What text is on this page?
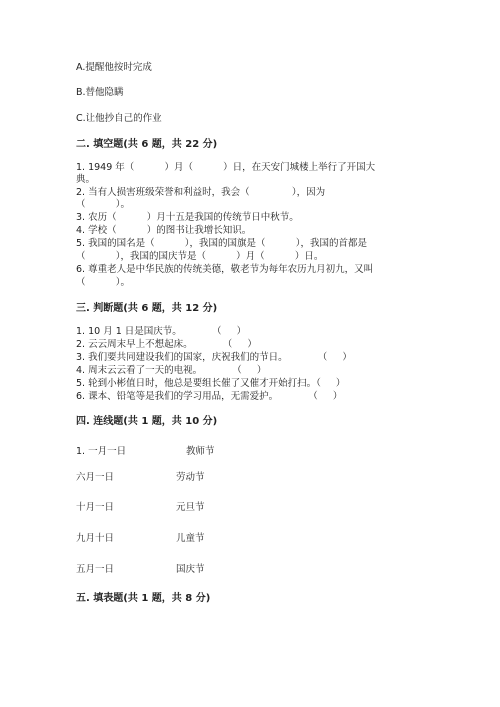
A.提醒他按时完成
B.替他隐瞒
C.让他抄自己的作业
二. 填空题(共 6 题，共 22 分)
1. 1949 年（          ）月（          ）日，在天安门城楼上举行了开国大
典。
2. 当有人损害班级荣誉和利益时，我会（              ），因为
（          ）。
3. 农历（          ）月十五是我国的传统节日中秋节。
4. 学校（          ）的图书让我增长知识。
5. 我国的国名是（          ），我国的国旗是（          ），我国的首都是
（          ），我国的国庆节是（          ）月（          ）日。
6. 尊重老人是中华民族的传统美德，敬老节为每年农历九月初九，又叫
（          ）。
三. 判断题(共 6 题，共 12 分)
1. 10 月 1 日是国庆节。          （     ）
2. 云云周末早上不想起床。          （     ）
3. 我们要共同建设我们的国家，庆祝我们的节日。          （     ）
4. 周末云云看了一天的电视。          （     ）
5. 轮到小彬值日时，他总是要组长催了又催才开始打扫。（     ）
6. 课本、铅笔等是我们的学习用品，无需爱护。          （     ）
四. 连线题(共 1 题，共 10 分)
1. 一月一日	教师节
六月一日	劳动节
十月一日	元旦节
九月十日	儿童节
五月一日	国庆节
五. 填表题(共 1 题，共 8 分)
